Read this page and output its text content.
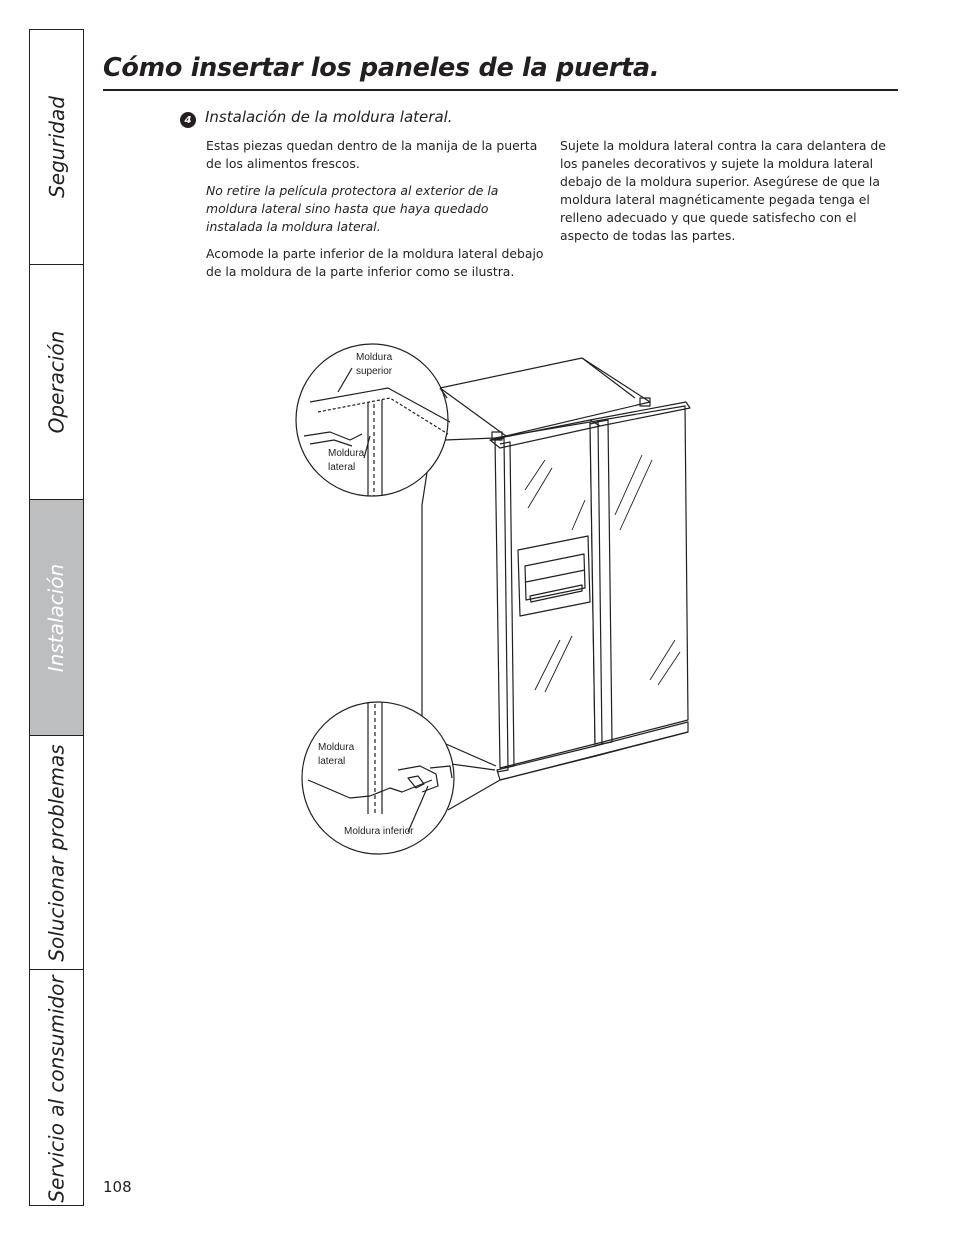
Seguridad
Operación
Instalación
Solucionar problemas
Servicio al consumidor
Cómo insertar los paneles de la puerta.
4 Instalación de la moldura lateral.

Estas piezas quedan dentro de la manija de la puerta de los alimentos frescos.

No retire la película protectora al exterior de la moldura lateral sino hasta que haya quedado instalada la moldura lateral.

Acomode la parte inferior de la moldura lateral debajo de la moldura de la parte inferior como se ilustra.

Sujete la moldura lateral contra la cara delantera de los paneles decorativos y sujete la moldura lateral debajo de la moldura superior. Asegúrese de que la moldura lateral magnéticamente pegada tenga el relleno adecuado y que quede satisfecho con el aspecto de todas las partes.

Moldura
superior
Moldura
lateral
Moldura
lateral
Moldura inferior
108
